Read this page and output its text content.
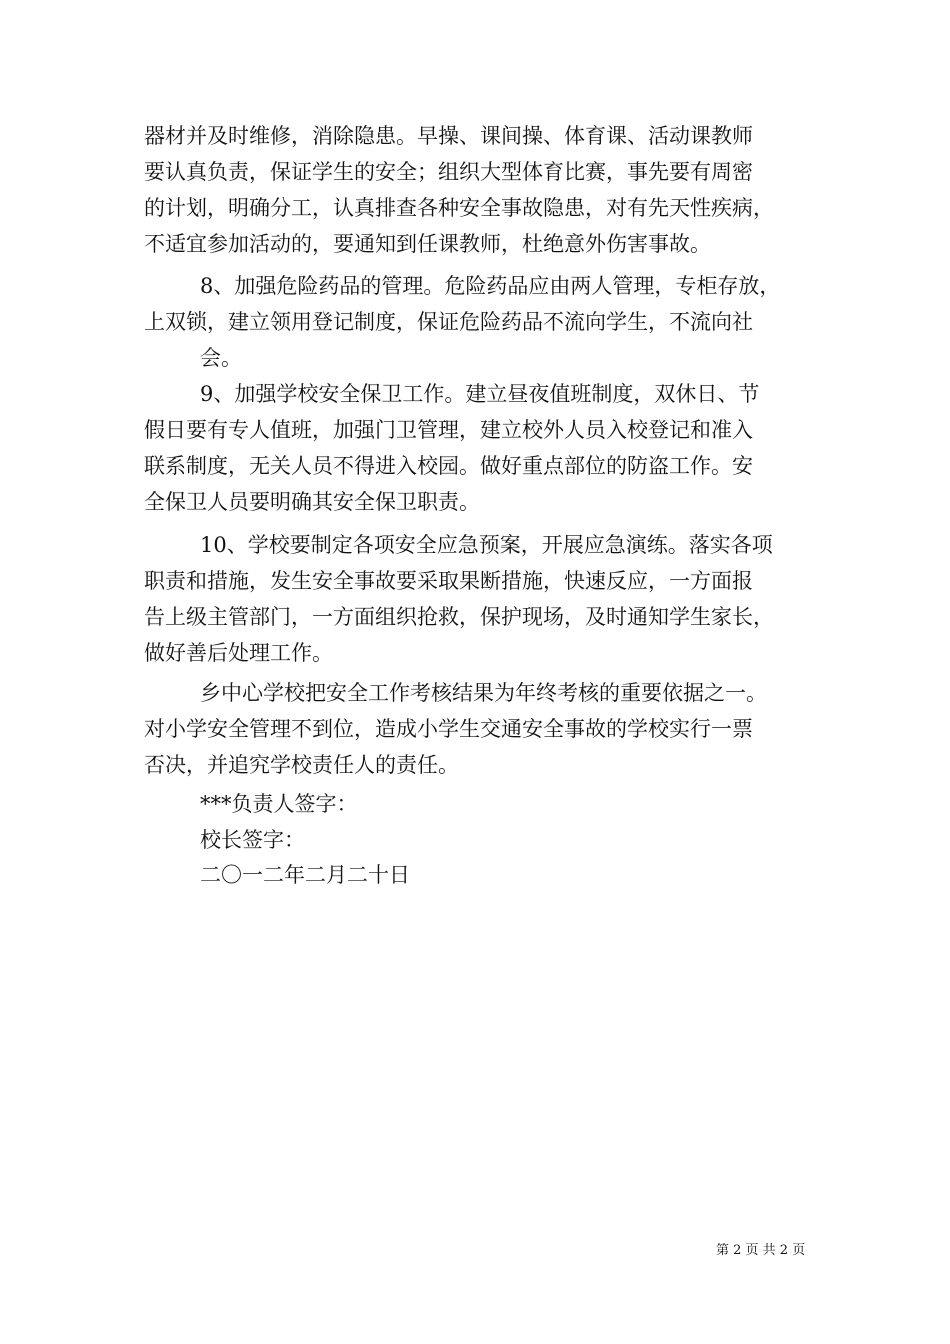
器材并及时维修，消除隐患。早操、课间操、体育课、活动课教师
要认真负责，保证学生的安全；组织大型体育比赛，事先要有周密
的计划，明确分工，认真排查各种安全事故隐患，对有先天性疾病，
不适宜参加活动的，要通知到任课教师，杜绝意外伤害事故。
8、加强危险药品的管理。危险药品应由两人管理，专柜存放，
上双锁，建立领用登记制度，保证危险药品不流向学生，不流向社
会。
9、加强学校安全保卫工作。建立昼夜值班制度，双休日、节
假日要有专人值班，加强门卫管理，建立校外人员入校登记和准入
联系制度，无关人员不得进入校园。做好重点部位的防盗工作。安
全保卫人员要明确其安全保卫职责。
10、学校要制定各项安全应急预案，开展应急演练。落实各项
职责和措施，发生安全事故要采取果断措施，快速反应，一方面报
告上级主管部门，一方面组织抢救，保护现场，及时通知学生家长，
做好善后处理工作。
乡中心学校把安全工作考核结果为年终考核的重要依据之一。
对小学安全管理不到位，造成小学生交通安全事故的学校实行一票
否决，并追究学校责任人的责任。
***负责人签字：
校长签字：
二〇一二年二月二十日
第 2 页 共 2 页
